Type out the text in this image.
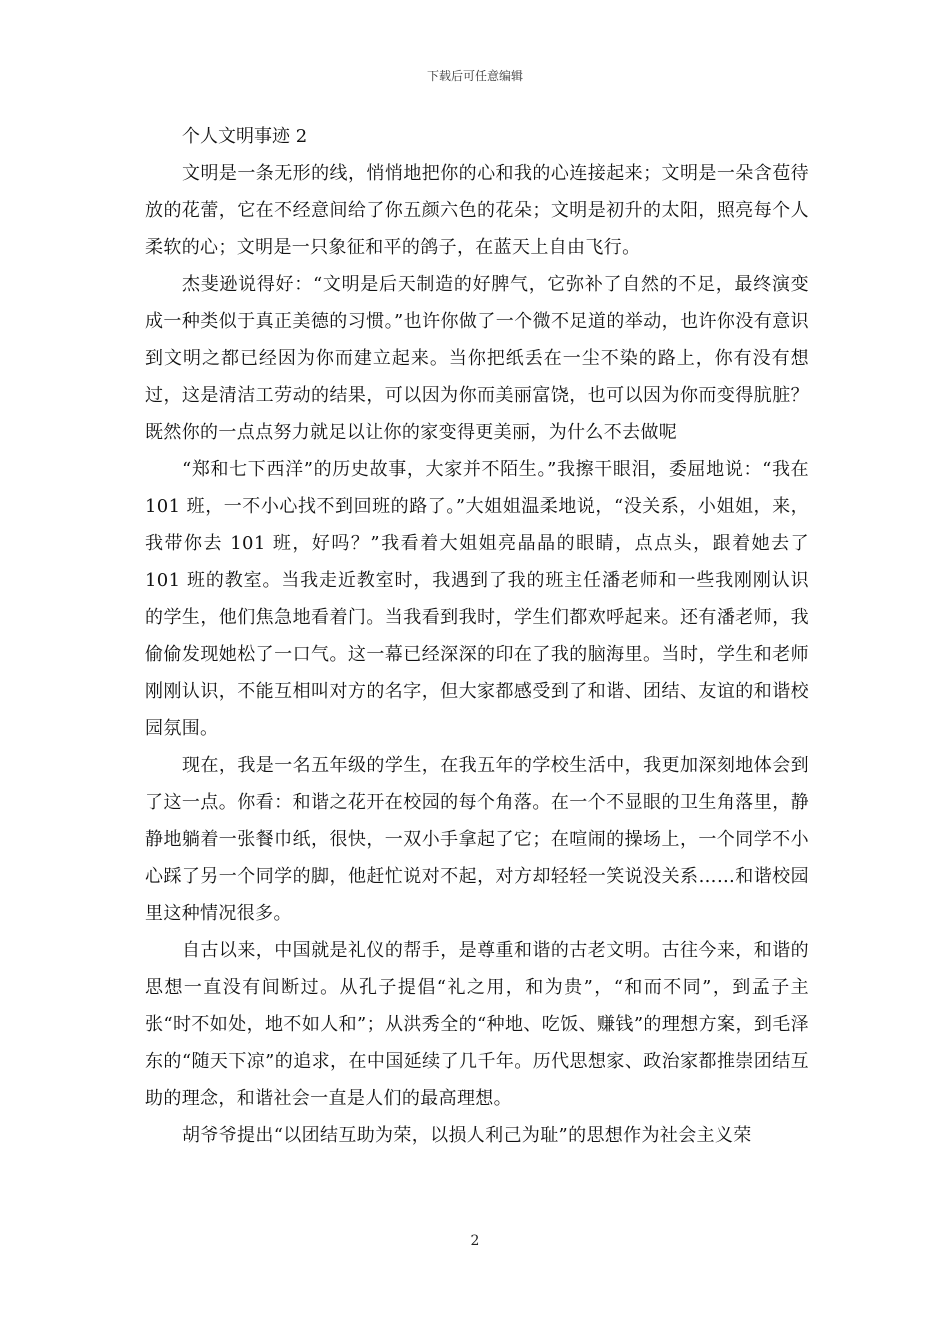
下载后可任意编辑
个人文明事迹 2

文明是一条无形的线，悄悄地把你的心和我的心连接起来；文明是一朵含苞待放的花蕾，它在不经意间给了你五颜六色的花朵；文明是初升的太阳，照亮每个人柔软的心；文明是一只象征和平的鸽子，在蓝天上自由飞行。

杰斐逊说得好：“文明是后天制造的好脾气，它弥补了自然的不足，最终演变成一种类似于真正美德的习惯。”也许你做了一个微不足道的举动，也许你没有意识到文明之都已经因为你而建立起来。当你把纸丢在一尘不染的路上，你有没有想过，这是清洁工劳动的结果，可以因为你而美丽富饶，也可以因为你而变得肮脏？既然你的一点点努力就足以让你的家变得更美丽，为什么不去做呢

“郑和七下西洋”的历史故事，大家并不陌生。”我擦干眼泪，委屈地说：“我在 101 班，一不小心找不到回班的路了。”大姐姐温柔地说，“没关系，小姐姐，来，我带你去 101 班，好吗？”我看着大姐姐亮晶晶的眼睛，点点头，跟着她去了 101 班的教室。当我走近教室时，我遇到了我的班主任潘老师和一些我刚刚认识的学生，他们焦急地看着门。当我看到我时，学生们都欢呼起来。还有潘老师，我偷偷发现她松了一口气。这一幕已经深深的印在了我的脑海里。当时，学生和老师刚刚认识，不能互相叫对方的名字，但大家都感受到了和谐、团结、友谊的和谐校园氛围。

现在，我是一名五年级的学生，在我五年的学校生活中，我更加深刻地体会到了这一点。你看：和谐之花开在校园的每个角落。在一个不显眼的卫生角落里，静静地躺着一张餐巾纸，很快，一双小手拿起了它；在喧闹的操场上，一个同学不小心踩了另一个同学的脚，他赶忙说对不起，对方却轻轻一笑说没关系……和谐校园里这种情况很多。

自古以来，中国就是礼仪的帮手，是尊重和谐的古老文明。古往今来，和谐的思想一直没有间断过。从孔子提倡“礼之用，和为贵”，“和而不同”，到孟子主张“时不如处，地不如人和”；从洪秀全的“种地、吃饭、赚钱”的理想方案，到毛泽东的“随天下凉”的追求，在中国延续了几千年。历代思想家、政治家都推崇团结互助的理念，和谐社会一直是人们的最高理想。

胡爷爷提出“以团结互助为荣，以损人利己为耻”的思想作为社会主义荣

2
